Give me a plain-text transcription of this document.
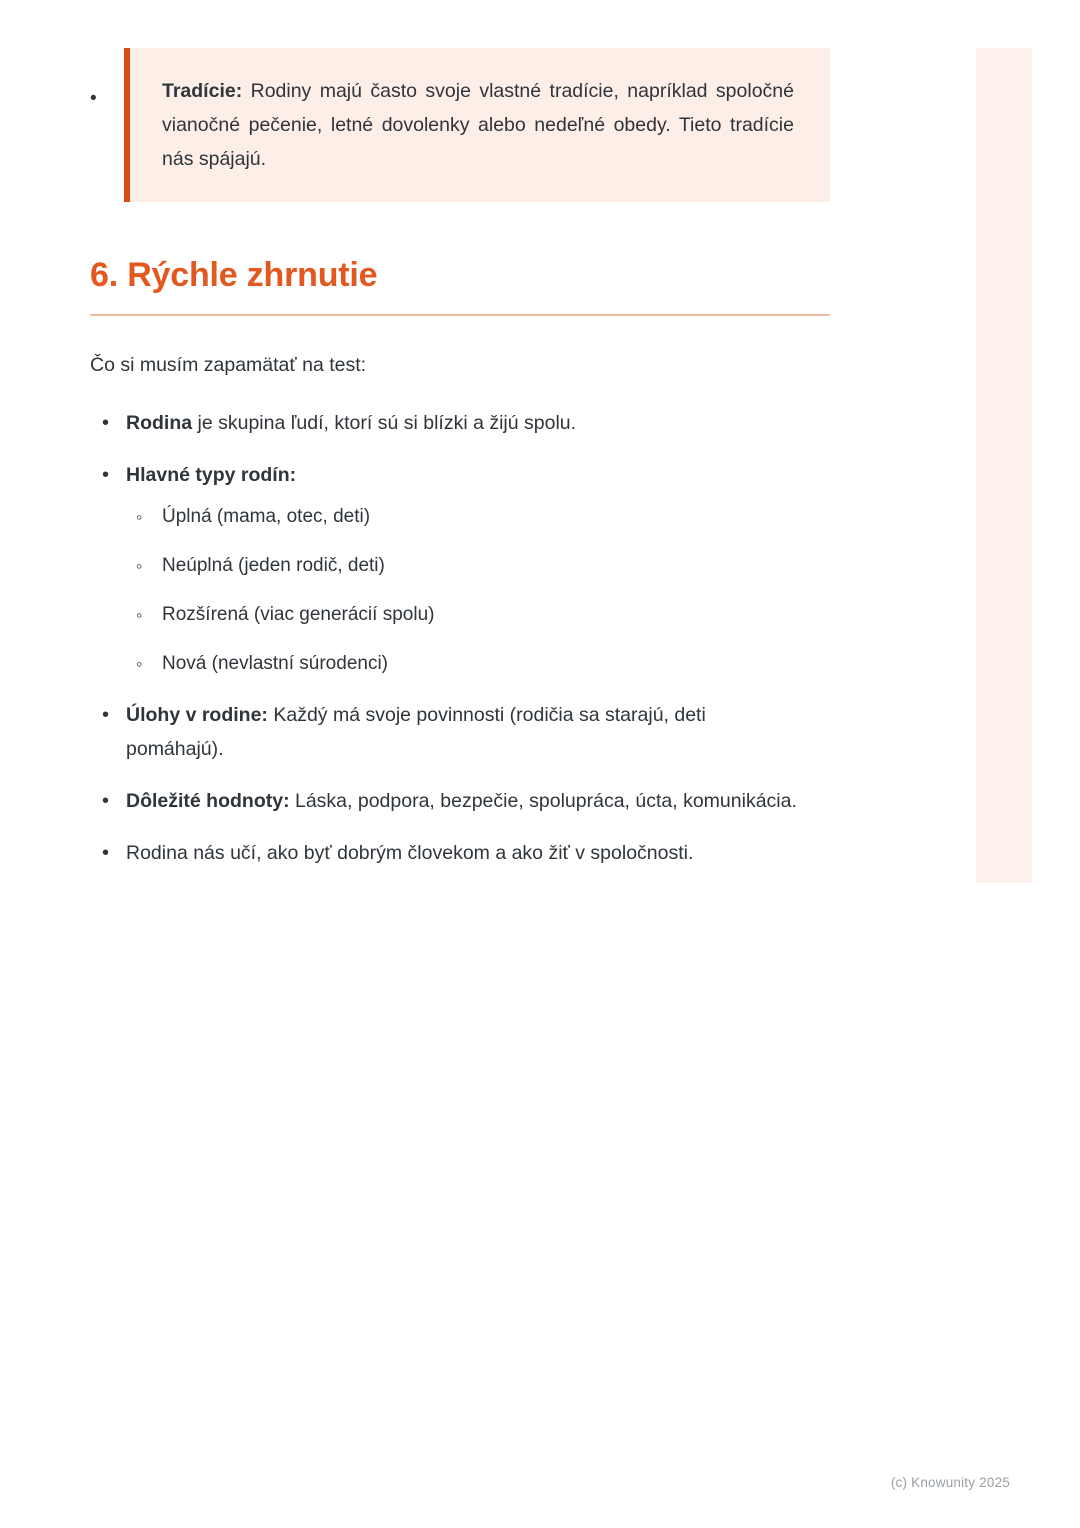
•	Tradície: Rodiny majú často svoje vlastné tradície, napríklad spoločné vianočné pečenie, letné dovolenky alebo nedeľné obedy. Tieto tradície nás spájajú.

6. Rýchle zhrnutie

Čo si musím zapamätať na test:

• Rodina je skupina ľudí, ktorí sú si blízki a žijú spolu.
• Hlavné typy rodín:
◦ Úplná (mama, otec, deti)
◦ Neúplná (jeden rodič, deti)
◦ Rozšírená (viac generácií spolu)
◦ Nová (nevlastní súrodenci)
• Úlohy v rodine: Každý má svoje povinnosti (rodičia sa starajú, deti pomáhajú).
• Dôležité hodnoty: Láska, podpora, bezpečie, spolupráca, úcta, komunikácia.
• Rodina nás učí, ako byť dobrým človekom a ako žiť v spoločnosti.
(c) Knowunity 2025
